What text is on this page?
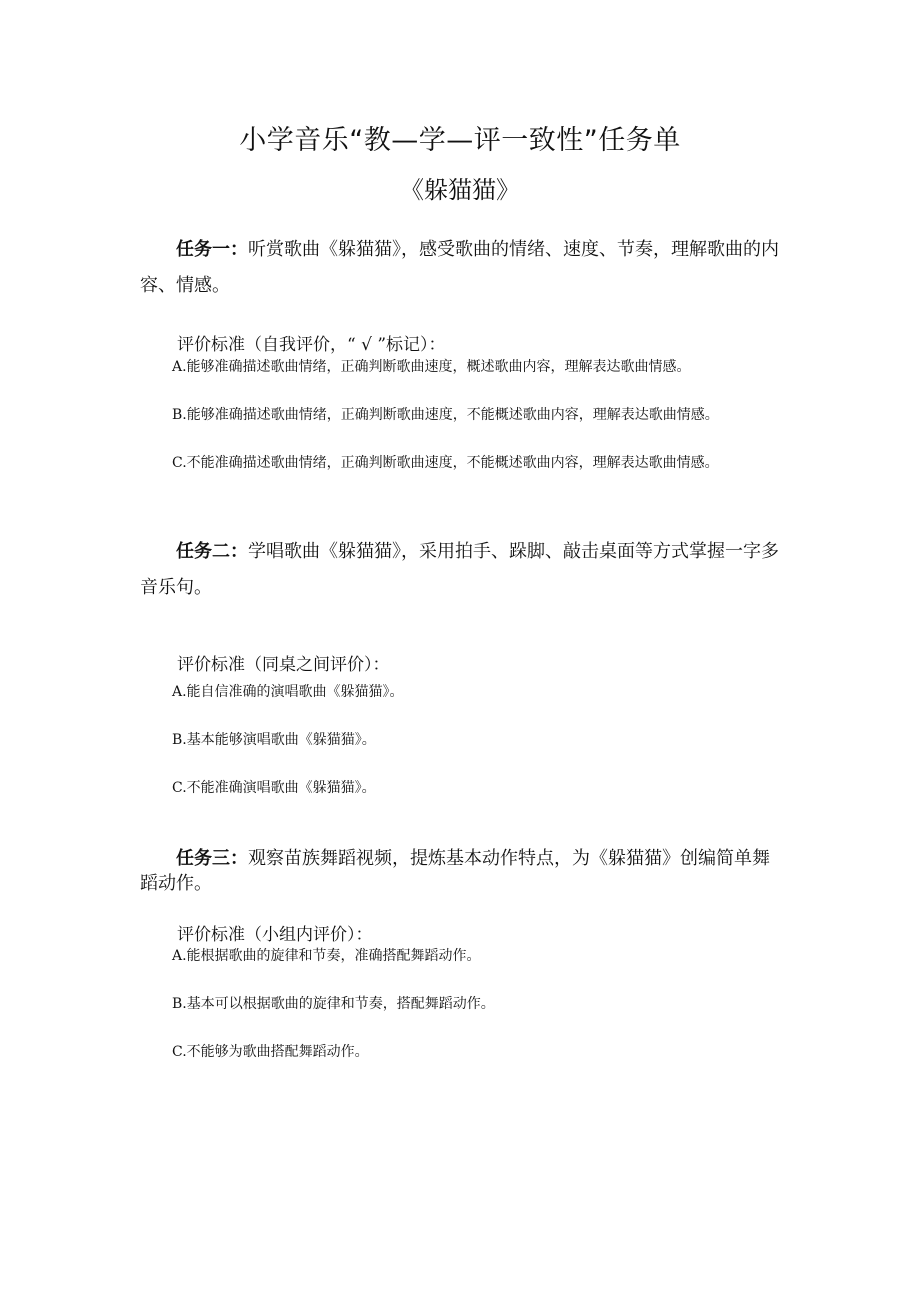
小学音乐“教—学—评一致性”任务单
《躲猫猫》
任务一：听赏歌曲《躲猫猫》，感受歌曲的情绪、速度、节奏，理解歌曲的内容、情感。
评价标准（自我评价，“ √ ”标记）：
A.能够准确描述歌曲情绪，正确判断歌曲速度，概述歌曲内容，理解表达歌曲情感。
B.能够准确描述歌曲情绪，正确判断歌曲速度，不能概述歌曲内容，理解表达歌曲情感。
C.不能准确描述歌曲情绪，正确判断歌曲速度，不能概述歌曲内容，理解表达歌曲情感。
任务二：学唱歌曲《躲猫猫》，采用拍手、跺脚、敲击桌面等方式掌握一字多音乐句。
评价标准（同桌之间评价）：
A.能自信准确的演唱歌曲《躲猫猫》。
B.基本能够演唱歌曲《躲猫猫》。
C.不能准确演唱歌曲《躲猫猫》。
任务三：观察苗族舞蹈视频，提炼基本动作特点，为《躲猫猫》创编简单舞蹈动作。
评价标准（小组内评价）：
A.能根据歌曲的旋律和节奏，准确搭配舞蹈动作。
B.基本可以根据歌曲的旋律和节奏，搭配舞蹈动作。
C.不能够为歌曲搭配舞蹈动作。
